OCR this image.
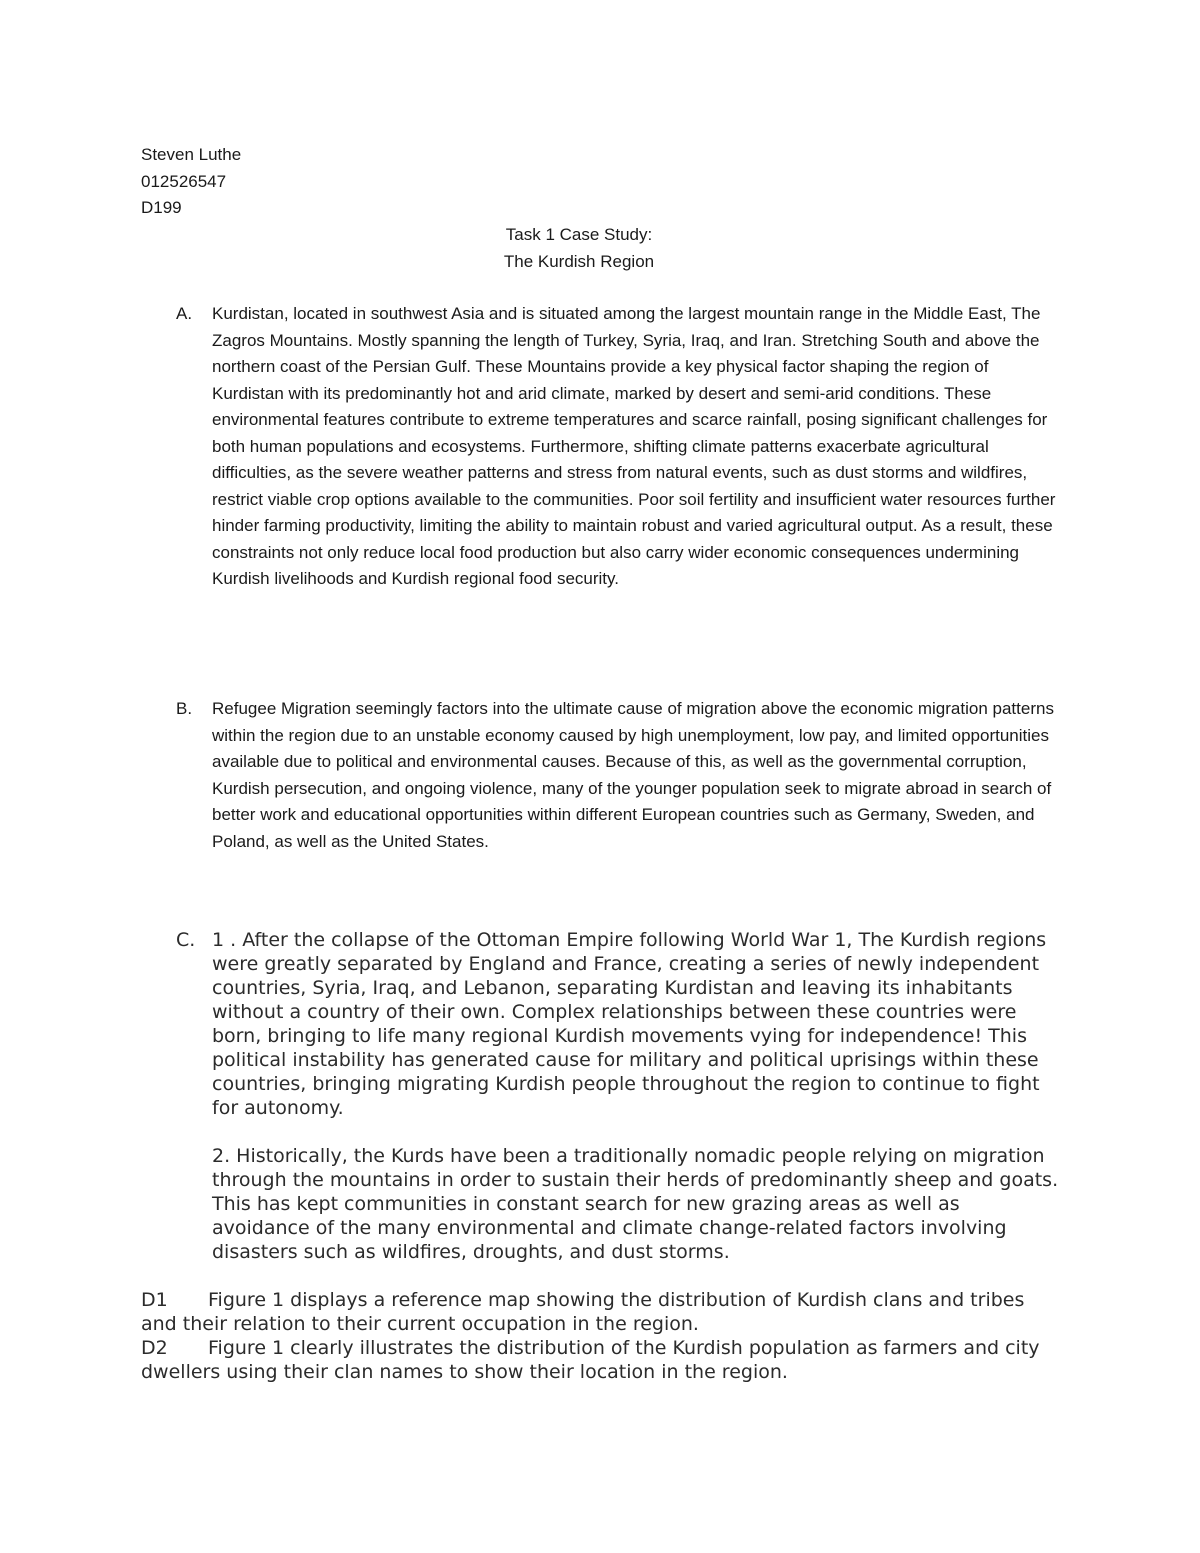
Steven Luthe
012526547
D199
Task 1 Case Study:
The Kurdish Region
A. Kurdistan, located in southwest Asia and is situated among the largest mountain range in the Middle East, The Zagros Mountains. Mostly spanning the length of Turkey, Syria, Iraq, and Iran. Stretching South and above the northern coast of the Persian Gulf. These Mountains provide a key physical factor shaping the region of Kurdistan with its predominantly hot and arid climate, marked by desert and semi-arid conditions. These environmental features contribute to extreme temperatures and scarce rainfall, posing significant challenges for both human populations and ecosystems. Furthermore, shifting climate patterns exacerbate agricultural difficulties, as the severe weather patterns and stress from natural events, such as dust storms and wildfires, restrict viable crop options available to the communities. Poor soil fertility and insufficient water resources further hinder farming productivity, limiting the ability to maintain robust and varied agricultural output. As a result, these constraints not only reduce local food production but also carry wider economic consequences undermining Kurdish livelihoods and Kurdish regional food security.
B. Refugee Migration seemingly factors into the ultimate cause of migration above the economic migration patterns within the region due to an unstable economy caused by high unemployment, low pay, and limited opportunities available due to political and environmental causes. Because of this, as well as the governmental corruption, Kurdish persecution, and ongoing violence, many of the younger population seek to migrate abroad in search of better work and educational opportunities within different European countries such as Germany, Sweden, and Poland, as well as the United States.
C. 1 . After the collapse of the Ottoman Empire following World War 1, The Kurdish regions were greatly separated by England and France, creating a series of newly independent countries, Syria, Iraq, and Lebanon, separating Kurdistan and leaving its inhabitants without a country of their own. Complex relationships between these countries were born, bringing to life many regional Kurdish movements vying for independence! This political instability has generated cause for military and political uprisings within these countries, bringing migrating Kurdish people throughout the region to continue to fight for autonomy.

2. Historically, the Kurds have been a traditionally nomadic people relying on migration through the mountains in order to sustain their herds of predominantly sheep and goats. This has kept communities in constant search for new grazing areas as well as avoidance of the many environmental and climate change-related factors involving disasters such as wildfires, droughts, and dust storms.

D1 Figure 1 displays a reference map showing the distribution of Kurdish clans and tribes and their relation to their current occupation in the region.
D2 Figure 1 clearly illustrates the distribution of the Kurdish population as farmers and city dwellers using their clan names to show their location in the region.
